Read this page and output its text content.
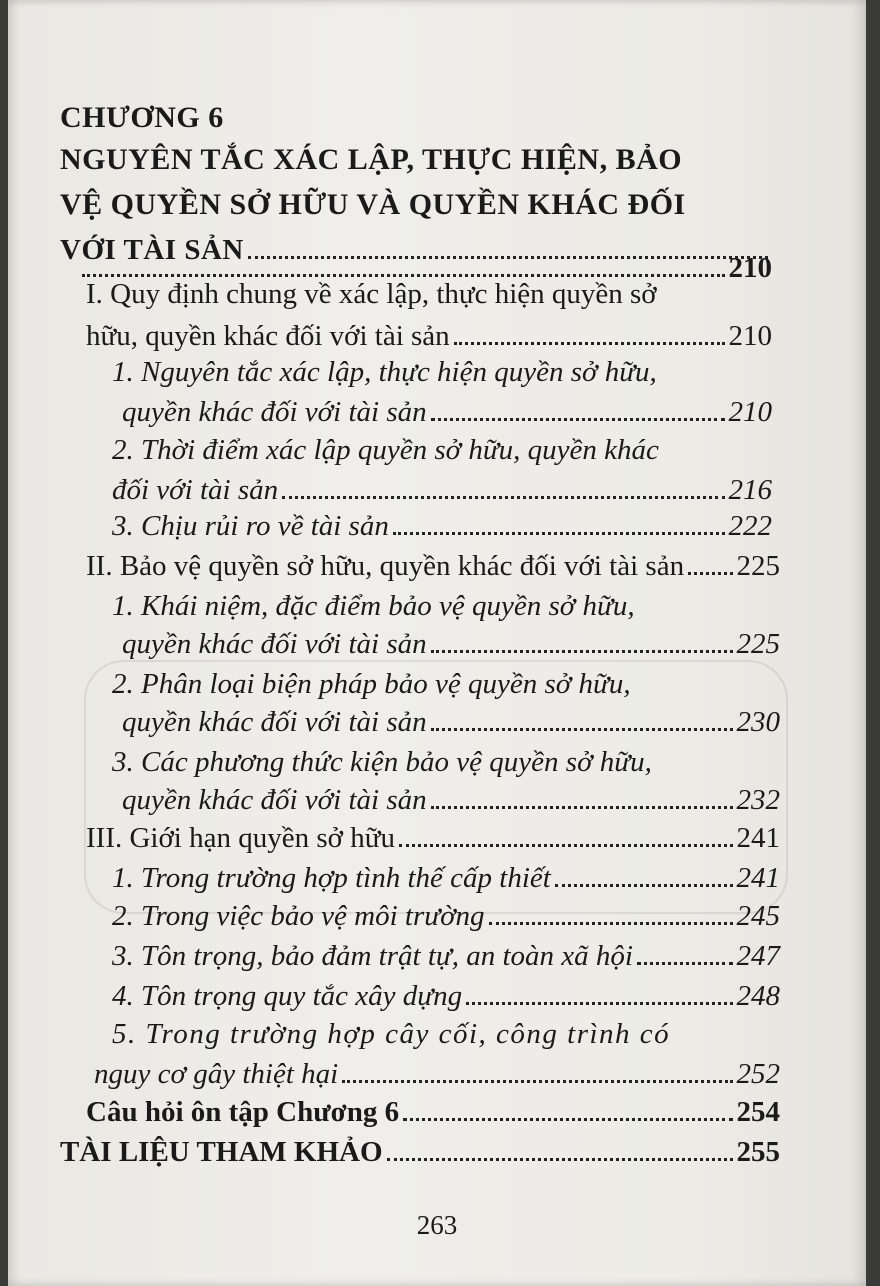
CHƯƠNG 6
NGUYÊN TẮC XÁC LẬP, THỰC HIỆN, BẢO
VỆ QUYỀN SỞ HỮU VÀ QUYỀN KHÁC ĐỐI
VỚI TÀI SẢN
210
I. Quy định chung về xác lập, thực hiện quyền sở
hữu, quyền khác đối với tài sản	210
1. Nguyên tắc xác lập, thực hiện quyền sở hữu,
quyền khác đối với tài sản	210
2. Thời điểm xác lập quyền sở hữu, quyền khác
đối với tài sản	216
3. Chịu rủi ro về tài sản	222
II. Bảo vệ quyền sở hữu, quyền khác đối với tài sản 225
1. Khái niệm, đặc điểm bảo vệ quyền sở hữu,
quyền khác đối với tài sản	225
2. Phân loại biện pháp bảo vệ quyền sở hữu,
quyền khác đối với tài sản	230
3. Các phương thức kiện bảo vệ quyền sở hữu,
quyền khác đối với tài sản	232
III. Giới hạn quyền sở hữu	241
1. Trong trường hợp tình thế cấp thiết	241
2. Trong việc bảo vệ môi trường	245
3. Tôn trọng, bảo đảm trật tự, an toàn xã hội	247
4. Tôn trọng quy tắc xây dựng	248
5. Trong trường hợp cây cối, công trình có
nguy cơ gây thiệt hại	252
Câu hỏi ôn tập Chương 6	254
TÀI LIỆU THAM KHẢO	255
263
